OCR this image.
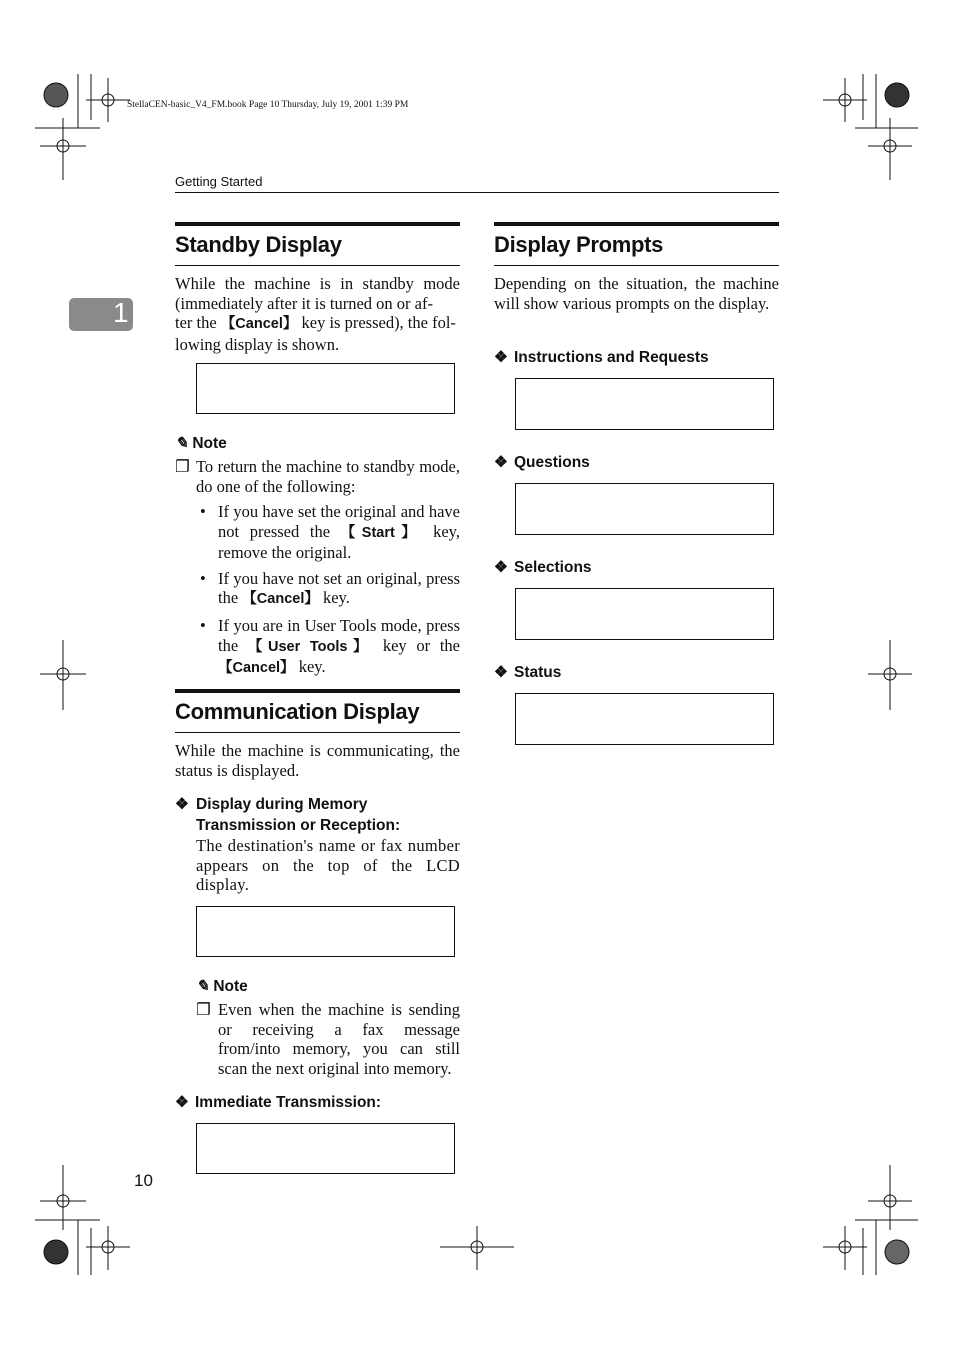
StellaCEN-basic_V4_FM.book Page 10 Thursday, July 19, 2001 1:39 PM
Getting Started
1
Standby Display
While the machine is in standby mode (immediately after it is turned on or af-
ter the 【Cancel】 key is pressed), the fol-
lowing display is shown.

✎ Note
❐ To return the machine to standby mode, do one of the following:
• If you have set the original and have not pressed the 【Start】 key, remove the original.
• If you have not set an original, press the 【Cancel】 key.
• If you are in User Tools mode, press the 【User Tools】 key or the 【Cancel】 key.
Communication Display
While the machine is communicating, the status is displayed.
❖ Display during Memory Transmission or Reception:
The destination's name or fax number appears on the top of the LCD display.

✎ Note
❐ Even when the machine is sending or receiving a fax message from/into memory, you can still scan the next original into memory.
❖ Immediate Transmission:

10
Display Prompts
Depending on the situation, the machine will show various prompts on the display.
❖ Instructions and Requests

❖ Questions

❖ Selections

❖ Status
